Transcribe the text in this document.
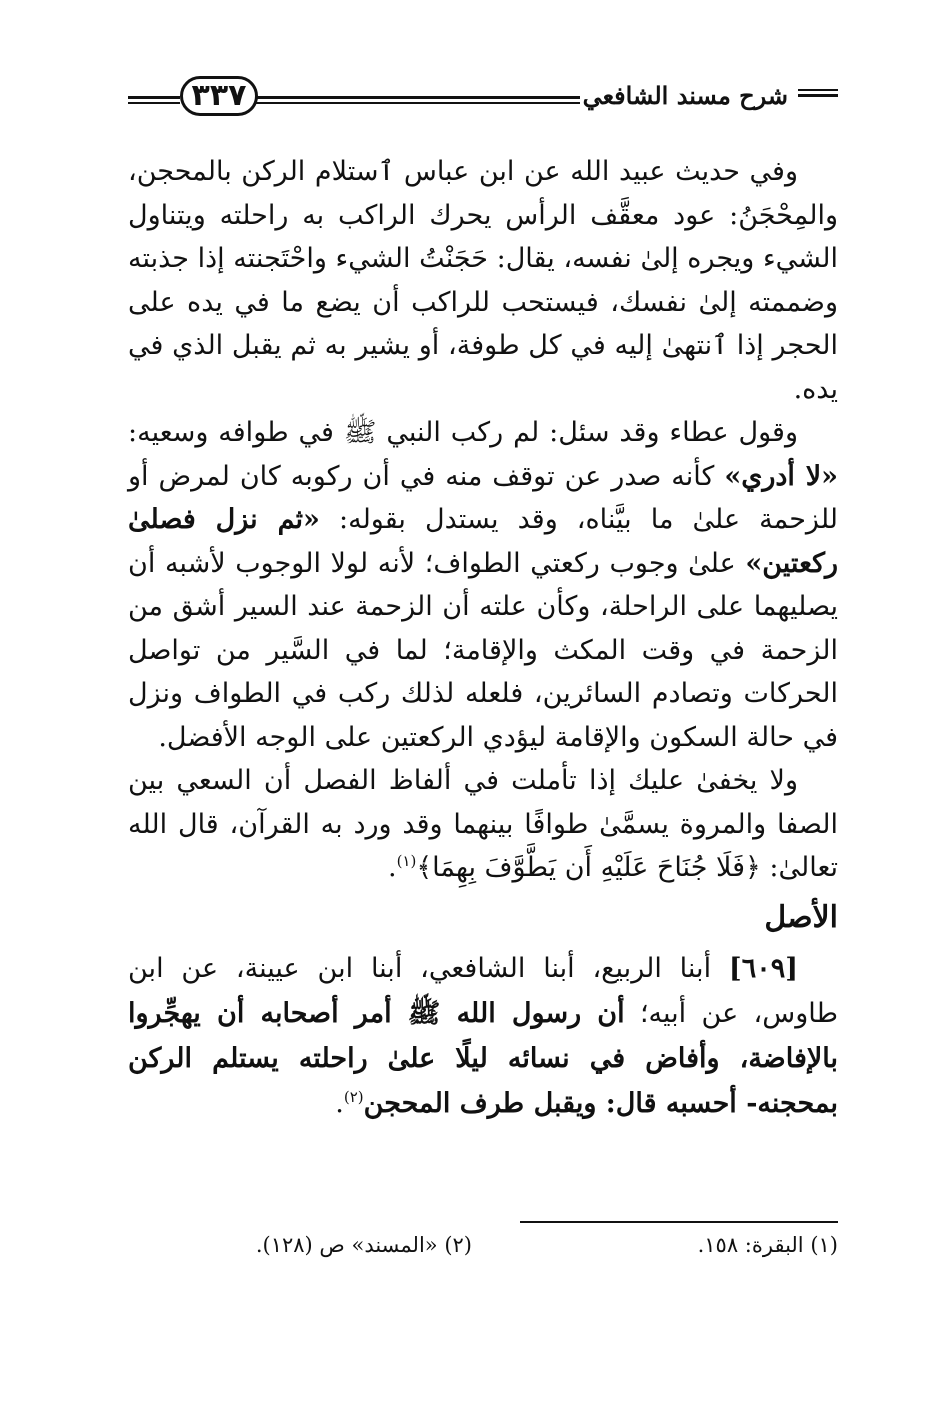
شرح مسند الشافعي
٣٣٧

وفي حديث عبيد الله عن ابن عباس ٱستلام الركن بالمحجن، والمِحْجَنُ: عود معقَّف الرأس يحرك الراكب به راحلته ويتناول الشيء ويجره إلىٰ نفسه، يقال: حَجَنْتُ الشيء واحْتَجنته إذا جذبته وضممته إلىٰ نفسك، فيستحب للراكب أن يضع ما في يده على الحجر إذا ٱنتهىٰ إليه في كل طوفة، أو يشير به ثم يقبل الذي في يده.

وقول عطاء وقد سئل: لم ركب النبي ﷺ في طوافه وسعيه: «لا أدري» كأنه صدر عن توقف منه في أن ركوبه كان لمرض أو للزحمة علىٰ ما بيَّناه، وقد يستدل بقوله: «ثم نزل فصلىٰ ركعتين» علىٰ وجوب ركعتي الطواف؛ لأنه لولا الوجوب لأشبه أن يصليهما على الراحلة، وكأن علته أن الزحمة عند السير أشق من الزحمة في وقت المكث والإقامة؛ لما في السَّير من تواصل الحركات وتصادم السائرين، فلعله لذلك ركب في الطواف ونزل في حالة السكون والإقامة ليؤدي الركعتين على الوجه الأفضل.

ولا يخفىٰ عليك إذا تأملت في ألفاظ الفصل أن السعي بين الصفا والمروة يسمَّىٰ طوافًا بينهما وقد ورد به القرآن، قال الله تعالىٰ: ﴿فَلَا جُنَاحَ عَلَيْهِ أَن يَطَّوَّفَ بِهِمَا﴾$^{(١)}$.

الأصل

[٦٠٩] أبنا الربيع، أبنا الشافعي، أبنا ابن عيينة، عن ابن طاوس، عن أبيه؛ أن رسول الله ﷺ أمر أصحابه أن يهجِّروا بالإفاضة، وأفاض في نسائه ليلًا علىٰ راحلته يستلم الركن بمحجنه- أحسبه قال: ويقبل طرف المحجن$^{(٢)}$.

(١) البقرة: ١٥٨.
(٢) «المسند» ص (١٢٨).
